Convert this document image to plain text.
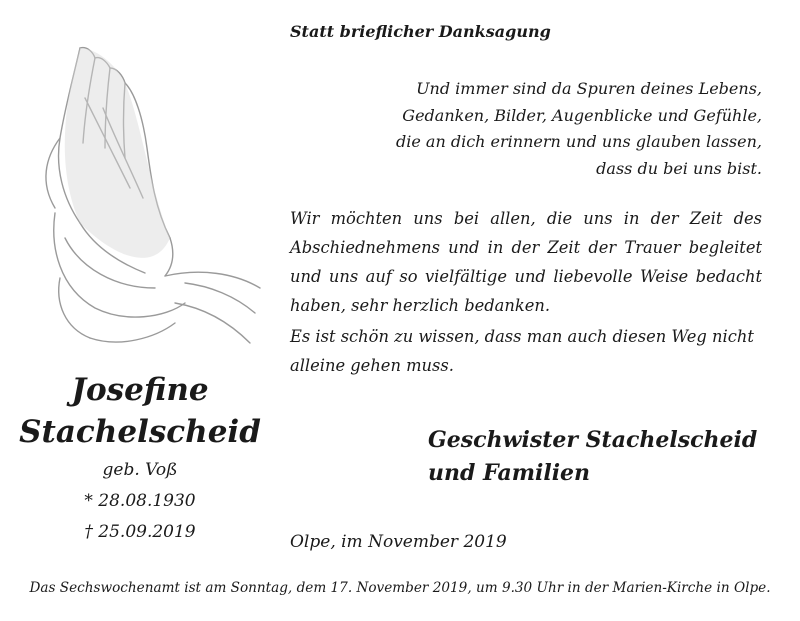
Statt brieflicher Danksagung
Und immer sind da Spuren deines Lebens,
Gedanken, Bilder, Augenblicke und Gefühle,
die an dich erinnern und uns glauben lassen,
dass du bei uns bist.
Wir möchten uns bei allen, die uns in der Zeit des Abschiednehmens und in der Zeit der Trauer begleitet und uns auf so vielfältige und liebevolle Weise bedacht haben, sehr herzlich bedanken.
Es ist schön zu wissen, dass man auch diesen Weg nicht alleine gehen muss.
Josefine
Stachelscheid
geb. Voß
* 28.08.1930
† 25.09.2019
Geschwister Stachelscheid
und Familien
Olpe, im November 2019
Das Sechswochenamt ist am Sonntag, dem 17. November 2019, um 9.30 Uhr in der Marien-Kirche in Olpe.
